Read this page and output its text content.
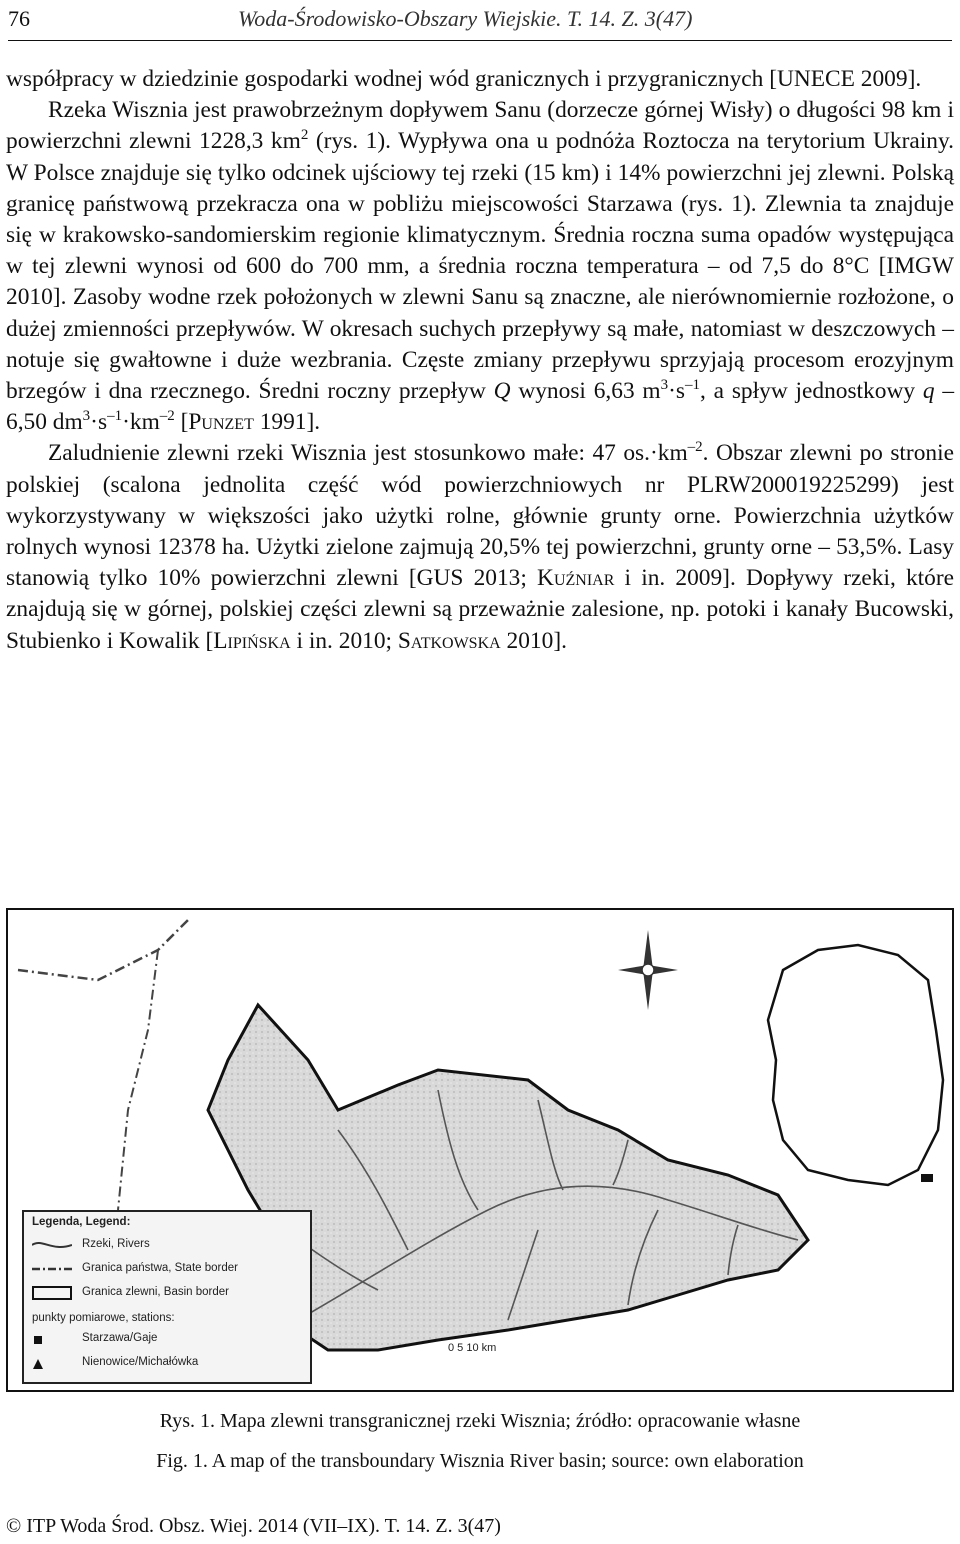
76	Woda-Środowisko-Obszary Wiejskie. T. 14. Z. 3(47)

współpracy w dziedzinie gospodarki wodnej wód granicznych i przygranicznych [UNECE 2009].

Rzeka Wisznia jest prawobrzeżnym dopływem Sanu (dorzecze górnej Wisły) o długości 98 km i powierzchni zlewni 1228,3 $km^2$ (rys. 1). Wypływa ona u podnóża Roztocza na terytorium Ukrainy. W Polsce znajduje się tylko odcinek ujściowy tej rzeki (15 km) i 14% powierzchni jej zlewni. Polską granicę państwową przekracza ona w pobliżu miejscowości Starzawa (rys. 1). Zlewnia ta znajduje się w krakowsko-sandomierskim regionie klimatycznym. Średnia roczna suma opadów występująca w tej zlewni wynosi od 600 do 700 mm, a średnia roczna temperatura – od 7,5 do 8°C [IMGW 2010]. Zasoby wodne rzek położonych w zlewni Sanu są znaczne, ale nierównomiernie rozłożone, o dużej zmienności przepływów. W okresach suchych przepływy są małe, natomiast w deszczowych – notuje się gwałtowne i duże wezbrania. Częste zmiany przepływu sprzyjają procesom erozyjnym brzegów i dna rzecznego. Średni roczny przepływ Q wynosi 6,63 $m^3\cdot s^{-1}$, a spływ jednostkowy q – 6,50 $dm^3\cdot s^{-1}\cdot km^{-2}$ [Punzet 1991].

Zaludnienie zlewni rzeki Wisznia jest stosunkowo małe: 47 $os.\cdot km^{-2}$. Obszar zlewni po stronie polskiej (scalona jednolita część wód powierzchniowych nr PLRW200019225299) jest wykorzystywany w większości jako użytki rolne, głównie grunty orne. Powierzchnia użytków rolnych wynosi 12378 ha. Użytki zielone zajmują 20,5% tej powierzchni, grunty orne – 53,5%. Lasy stanowią tylko 10% powierzchni zlewni [GUS 2013; Kuźniar i in. 2009]. Dopływy rzeki, które znajdują się w górnej, polskiej części zlewni są przeważnie zalesione, np. potoki i kanały Bucowski, Stubienko i Kowalik [Lipińska i in. 2010; Satkowska 2010].

Legenda, Legend:
Rzeki, Rivers
Granica państwa, State border
Granica zlewni, Basin border
punkty pomiarowe, stations:
Starzawa/Gaje
Nienowice/Michałówka
0 5 10 km
Rys. 1. Mapa zlewni transgranicznej rzeki Wisznia; źródło: opracowanie własne
Fig. 1. A map of the transboundary Wisznia River basin; source: own elaboration
© ITP Woda Środ. Obsz. Wiej. 2014 (VII–IX). T. 14. Z. 3(47)
